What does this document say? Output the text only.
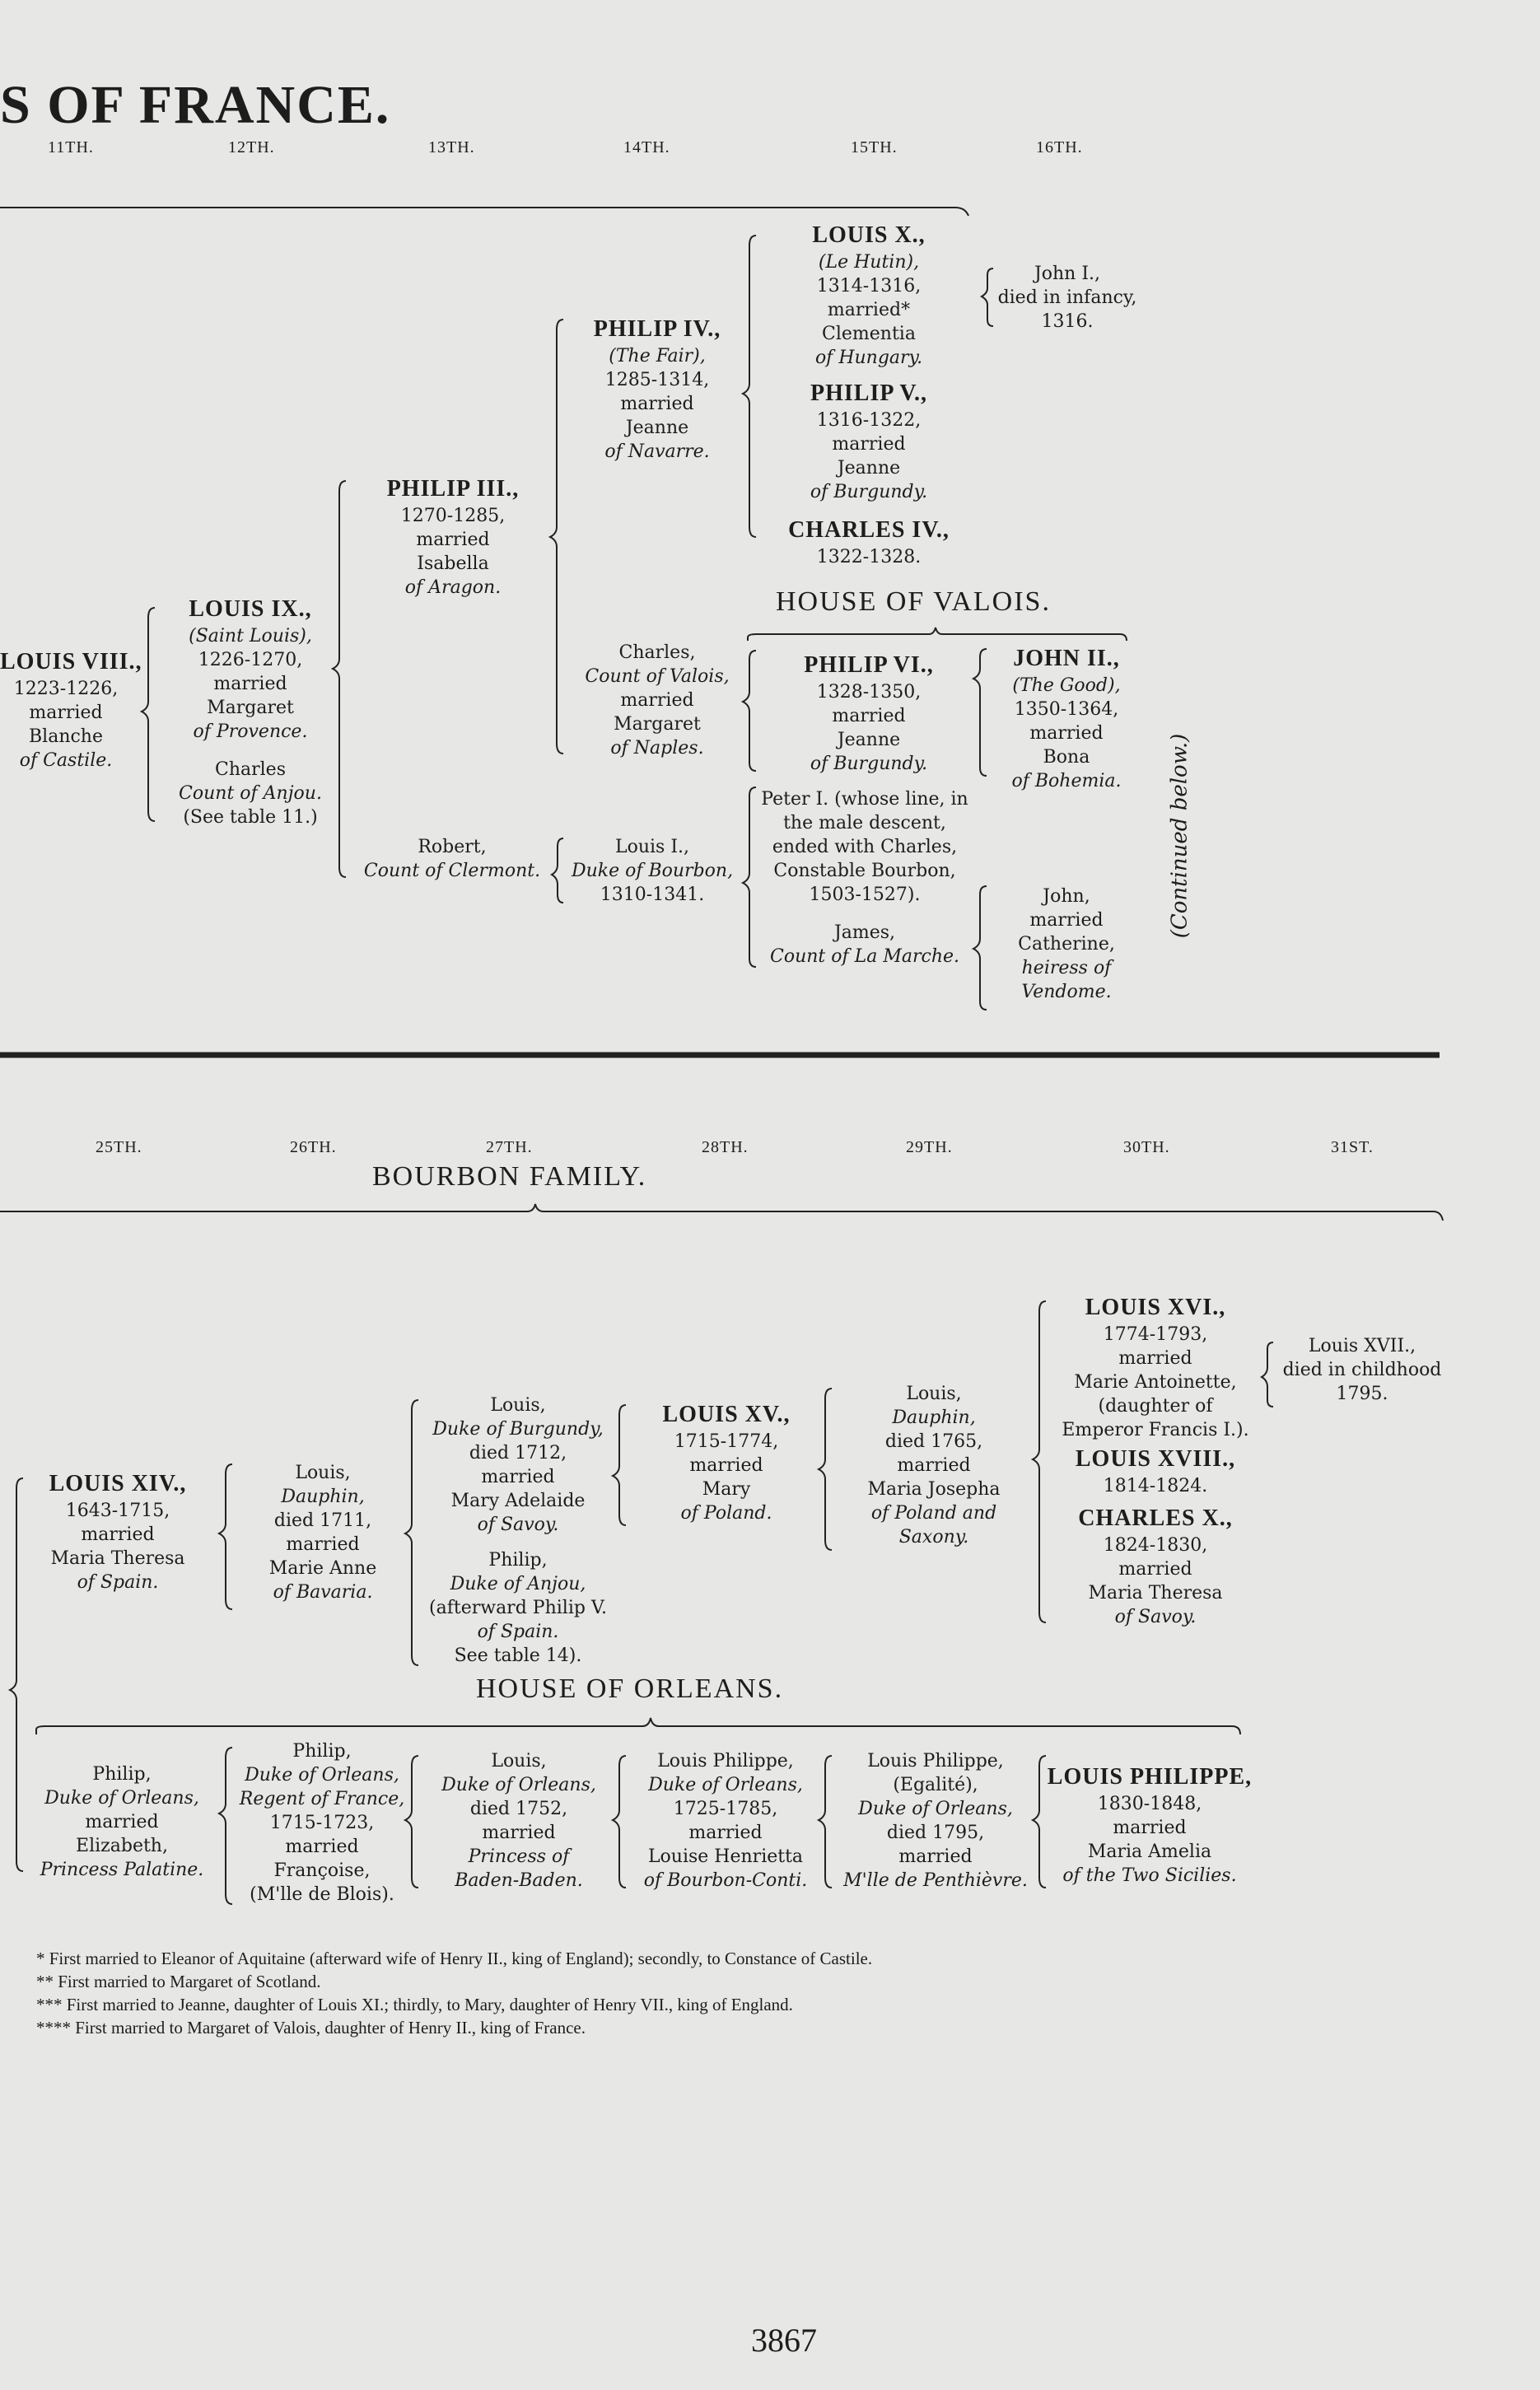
S OF FRANCE.
11TH.	12TH.	13TH.	14TH.	15TH.	16TH.
HOUSE OF VALOIS.
BOURBON FAMILY.
HOUSE OF ORLEANS.
(Continued below.)
LOUIS VIII.,
1223-1226,
married
Blanche
of Castile.
LOUIS IX.,
(Saint Louis),
1226-1270,
married
Margaret
of Provence.
Charles
Count of Anjou.
(See table 11.)
PHILIP III.,
1270-1285,
married
Isabella
of Aragon.
Robert,
Count of Clermont.
PHILIP IV.,
(The Fair),
1285-1314,
married
Jeanne
of Navarre.
Charles,
Count of Valois,
married
Margaret
of Naples.
Louis I.,
Duke of Bourbon,
1310-1341.
LOUIS X.,
(Le Hutin),
1314-1316,
married*
Clementia
of Hungary.
PHILIP V.,
1316-1322,
married
Jeanne
of Burgundy.
CHARLES IV.,
1322-1328.
PHILIP VI.,
1328-1350,
married
Jeanne
of Burgundy.
Peter I. (whose line, in
the male descent,
ended with Charles,
Constable Bourbon,
1503-1527).
James,
Count of La Marche.
John I.,
died in infancy,
1316.
JOHN II.,
(The Good),
1350-1364,
married
Bona
of Bohemia.
John,
married
Catherine,
heiress of
Vendome.
25TH.	26TH.	27TH.	28TH.	29TH.	30TH.	31ST.
LOUIS XIV.,
1643-1715,
married
Maria Theresa
of Spain.
Louis,
Dauphin,
died 1711,
married
Marie Anne
of Bavaria.
Louis,
Duke of Burgundy,
died 1712,
married
Mary Adelaide
of Savoy.
Philip,
Duke of Anjou,
(afterward Philip V.
of Spain.
See table 14).
LOUIS XV.,
1715-1774,
married
Mary
of Poland.
Louis,
Dauphin,
died 1765,
married
Maria Josepha
of Poland and
Saxony.
LOUIS XVI.,
1774-1793,
married
Marie Antoinette,
(daughter of
Emperor Francis I.).
LOUIS XVIII.,
1814-1824.
CHARLES X.,
1824-1830,
married
Maria Theresa
of Savoy.
Louis XVII.,
died in childhood
1795.
Philip,
Duke of Orleans,
married
Elizabeth,
Princess Palatine.
Philip,
Duke of Orleans,
Regent of France,
1715-1723,
married
Françoise,
(M'lle de Blois).
Louis,
Duke of Orleans,
died 1752,
married
Princess of
Baden-Baden.
Louis Philippe,
Duke of Orleans,
1725-1785,
married
Louise Henrietta
of Bourbon-Conti.
Louis Philippe,
(Egalité),
Duke of Orleans,
died 1795,
married
M'lle de Penthièvre.
LOUIS PHILIPPE,
1830-1848,
married
Maria Amelia
of the Two Sicilies.
* First married to Eleanor of Aquitaine (afterward wife of Henry II., king of England); secondly, to Constance of Castile.
** First married to Margaret of Scotland.
*** First married to Jeanne, daughter of Louis XI.; thirdly, to Mary, daughter of Henry VII., king of England.
**** First married to Margaret of Valois, daughter of Henry II., king of France.
3867
